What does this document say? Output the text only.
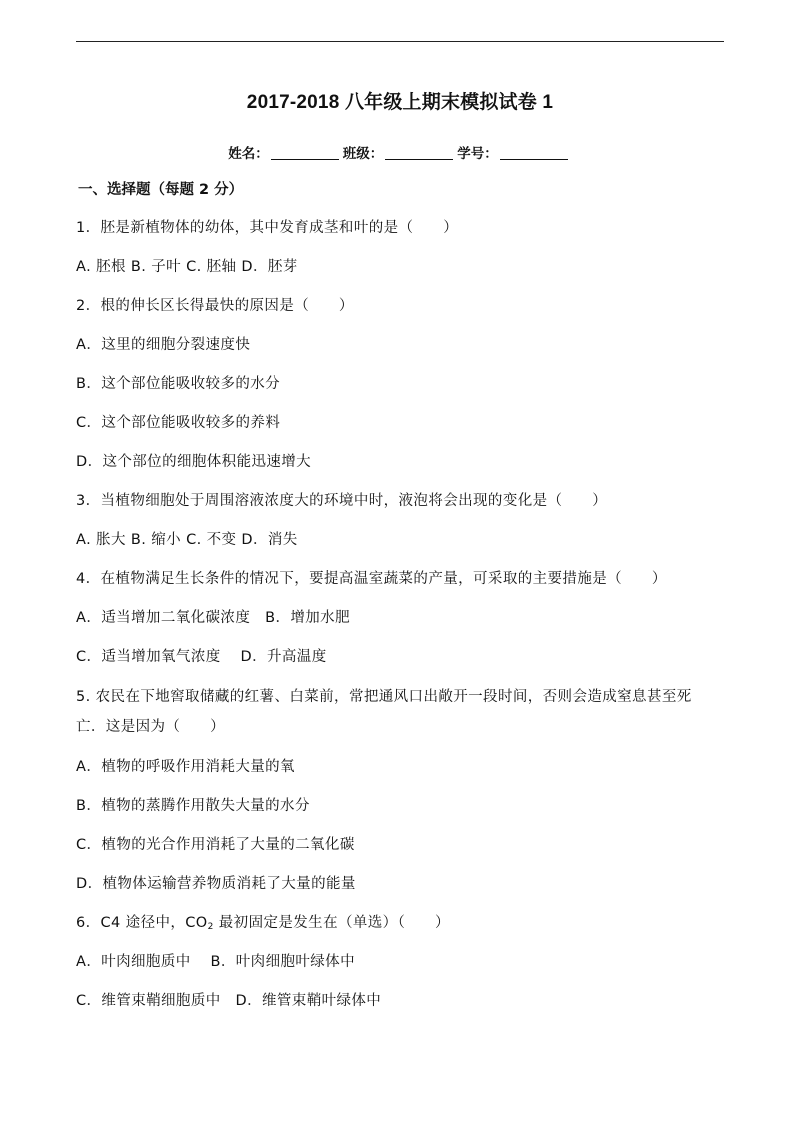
2017-2018 八年级上期末模拟试卷 1
姓名：	班级：	学号：
一、选择题（每题 2 分）
1．胚是新植物体的幼体，其中发育成茎和叶的是（　　）
A. 胚根 B. 子叶 C. 胚轴 D．胚芽
2．根的伸长区长得最快的原因是（　　）
A．这里的细胞分裂速度快
B．这个部位能吸收较多的水分
C．这个部位能吸收较多的养料
D．这个部位的细胞体积能迅速增大
3．当植物细胞处于周围溶液浓度大的环境中时，液泡将会出现的变化是（　　）
A. 胀大 B. 缩小 C. 不变 D．消失
4．在植物满足生长条件的情况下，要提高温室蔬菜的产量，可采取的主要措施是（　　）
A．适当增加二氧化碳浓度　B．增加水肥
C．适当增加氧气浓度　 D．升高温度
5. 农民在下地窖取储藏的红薯、白菜前，常把通风口出敞开一段时间，否则会造成窒息甚至死
亡．这是因为（　　）
A．植物的呼吸作用消耗大量的氧
B．植物的蒸腾作用散失大量的水分
C．植物的光合作用消耗了大量的二氧化碳
D．植物体运输营养物质消耗了大量的能量
6．C4 途径中，$CO_2$ 最初固定是发生在（单选）（　　）
A．叶肉细胞质中　 B．叶肉细胞叶绿体中
C．维管束鞘细胞质中　D．维管束鞘叶绿体中
